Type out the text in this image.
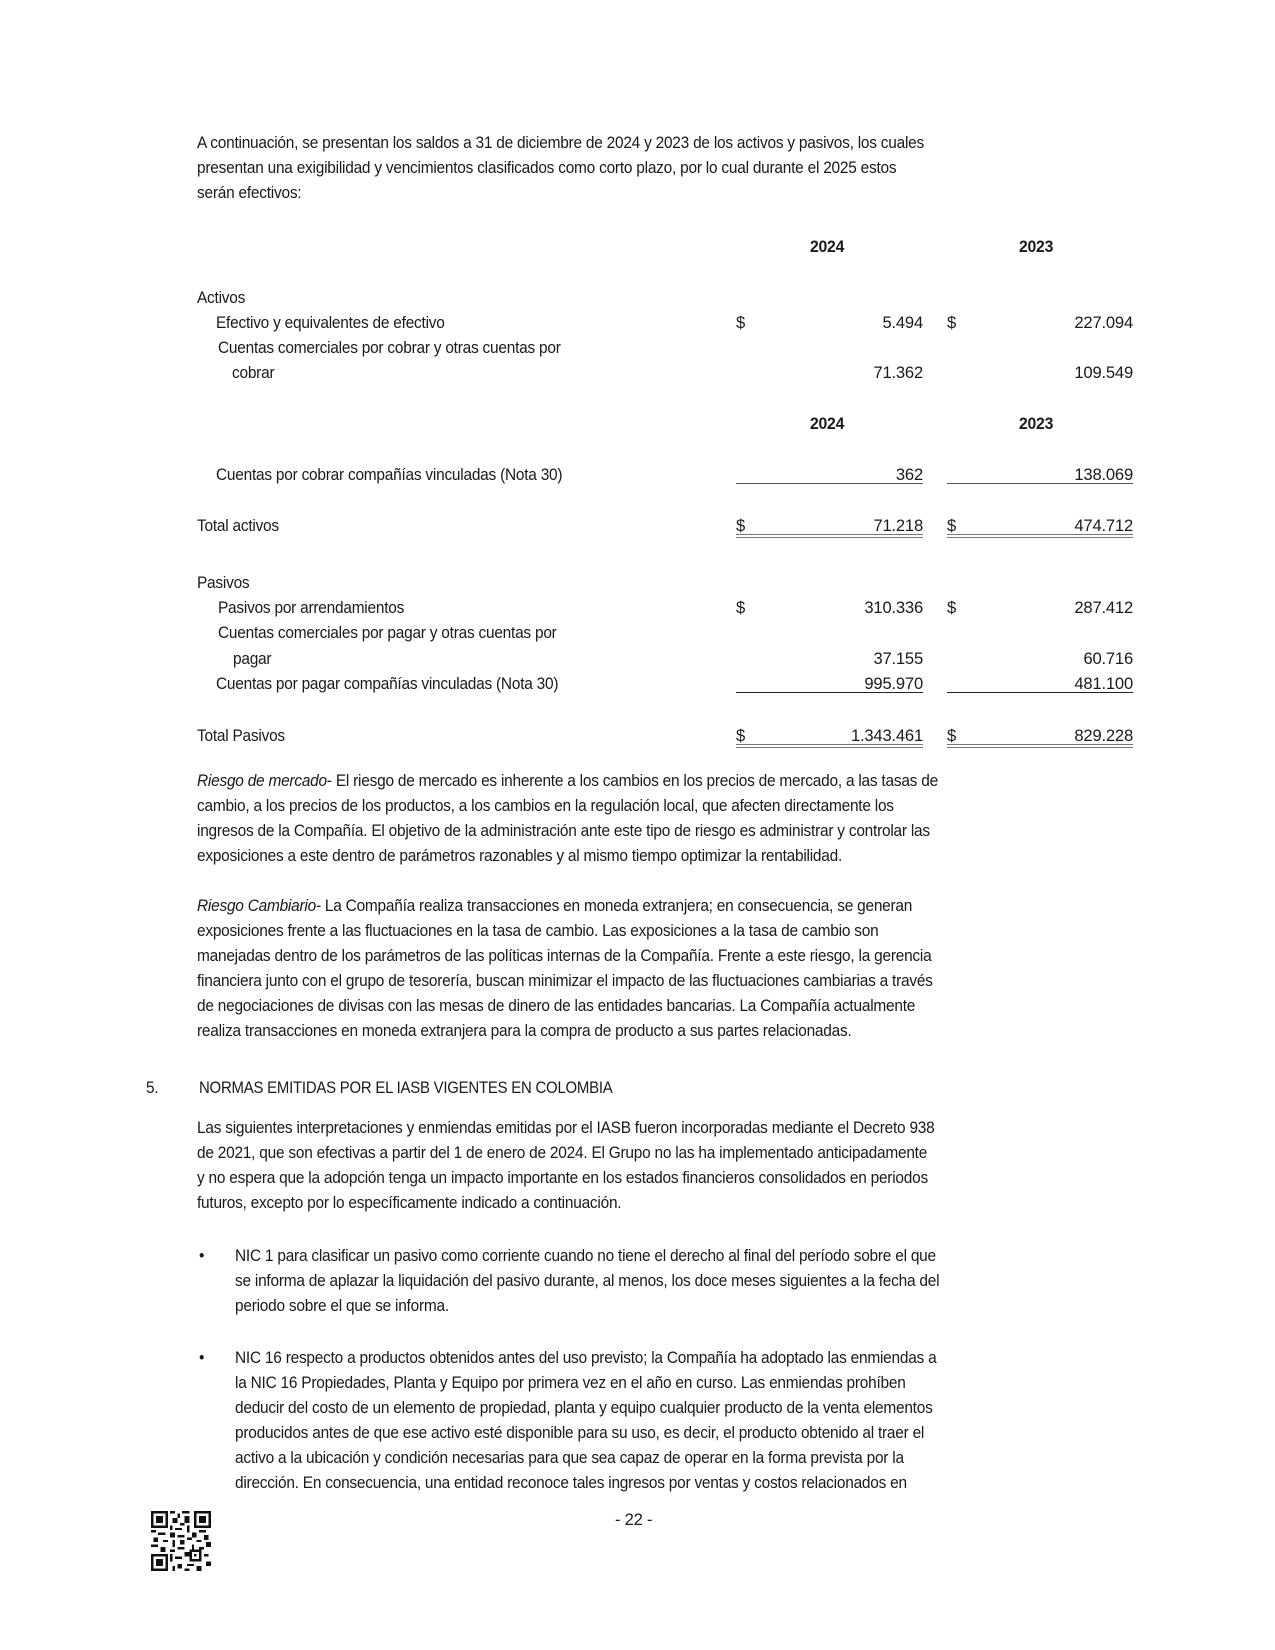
A continuación, se presentan los saldos a 31 de diciembre de 2024 y 2023 de los activos y pasivos, los cuales
presentan una exigibilidad y vencimientos clasificados como corto plazo, por lo cual durante el 2025 estos
serán efectivos:
2024	2023
Activos
Efectivo y equivalentes de efectivo	$	5.494 $	227.094
Cuentas comerciales por cobrar y otras cuentas por
cobrar	71.362	109.549
2024	2023
Cuentas por cobrar compañías vinculadas (Nota 30)	362	138.069
Total activos	$	71.218 $	474.712
Pasivos
Pasivos por arrendamientos	$	310.336 $	287.412
Cuentas comerciales por pagar y otras cuentas por
pagar	37.155	60.716
Cuentas por pagar compañías vinculadas (Nota 30)	995.970	481.100
Total Pasivos	$	1.343.461 $	829.228
Riesgo de mercado- El riesgo de mercado es inherente a los cambios en los precios de mercado, a las tasas de
cambio, a los precios de los productos, a los cambios en la regulación local, que afecten directamente los
ingresos de la Compañía. El objetivo de la administración ante este tipo de riesgo es administrar y controlar las
exposiciones a este dentro de parámetros razonables y al mismo tiempo optimizar la rentabilidad.
Riesgo Cambiario- La Compañía realiza transacciones en moneda extranjera; en consecuencia, se generan
exposiciones frente a las fluctuaciones en la tasa de cambio. Las exposiciones a la tasa de cambio son
manejadas dentro de los parámetros de las políticas internas de la Compañía. Frente a este riesgo, la gerencia
financiera junto con el grupo de tesorería, buscan minimizar el impacto de las fluctuaciones cambiarias a través
de negociaciones de divisas con las mesas de dinero de las entidades bancarias. La Compañía actualmente
realiza transacciones en moneda extranjera para la compra de producto a sus partes relacionadas.
5. NORMAS EMITIDAS POR EL IASB VIGENTES EN COLOMBIA
Las siguientes interpretaciones y enmiendas emitidas por el IASB fueron incorporadas mediante el Decreto 938
de 2021, que son efectivas a partir del 1 de enero de 2024. El Grupo no las ha implementado anticipadamente
y no espera que la adopción tenga un impacto importante en los estados financieros consolidados en periodos
futuros, excepto por lo específicamente indicado a continuación.
• NIC 1 para clasificar un pasivo como corriente cuando no tiene el derecho al final del período sobre el que
se informa de aplazar la liquidación del pasivo durante, al menos, los doce meses siguientes a la fecha del
periodo sobre el que se informa.
• NIC 16 respecto a productos obtenidos antes del uso previsto; la Compañía ha adoptado las enmiendas a
la NIC 16 Propiedades, Planta y Equipo por primera vez en el año en curso. Las enmiendas prohíben
deducir del costo de un elemento de propiedad, planta y equipo cualquier producto de la venta elementos
producidos antes de que ese activo esté disponible para su uso, es decir, el producto obtenido al traer el
activo a la ubicación y condición necesarias para que sea capaz de operar en la forma prevista por la
dirección. En consecuencia, una entidad reconoce tales ingresos por ventas y costos relacionados en
- 22 -
